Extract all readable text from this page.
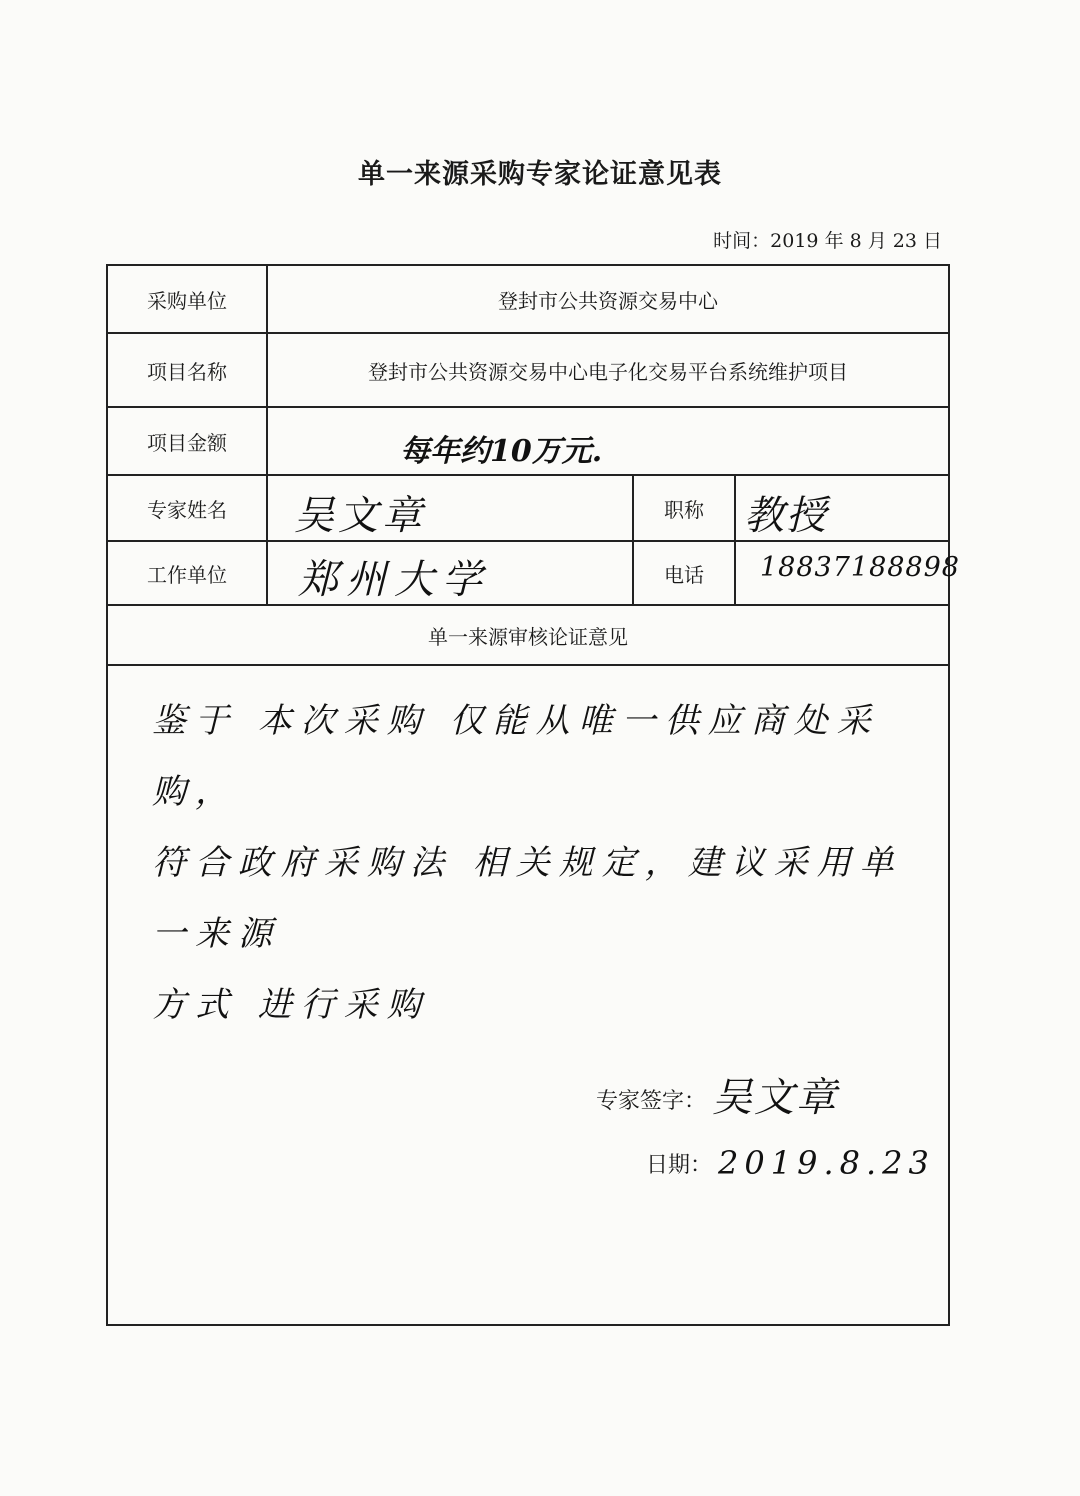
单一来源采购专家论证意见表
时间：2019 年 8 月 23 日
采购单位	登封市公共资源交易中心
项目名称	登封市公共资源交易中心电子化交易平台系统维护项目
项目金额	每年约10万元.
专家姓名	吴文章	职称	教授
工作单位	郑州大学	电话	18837188898
单一来源审核论证意见
鉴于 本次采购 仅能从唯一供应商处采购，
符合政府采购法 相关规定，建议采用单一来源
方式 进行采购
专家签字： 吴文章
日期： 2019.8.23
